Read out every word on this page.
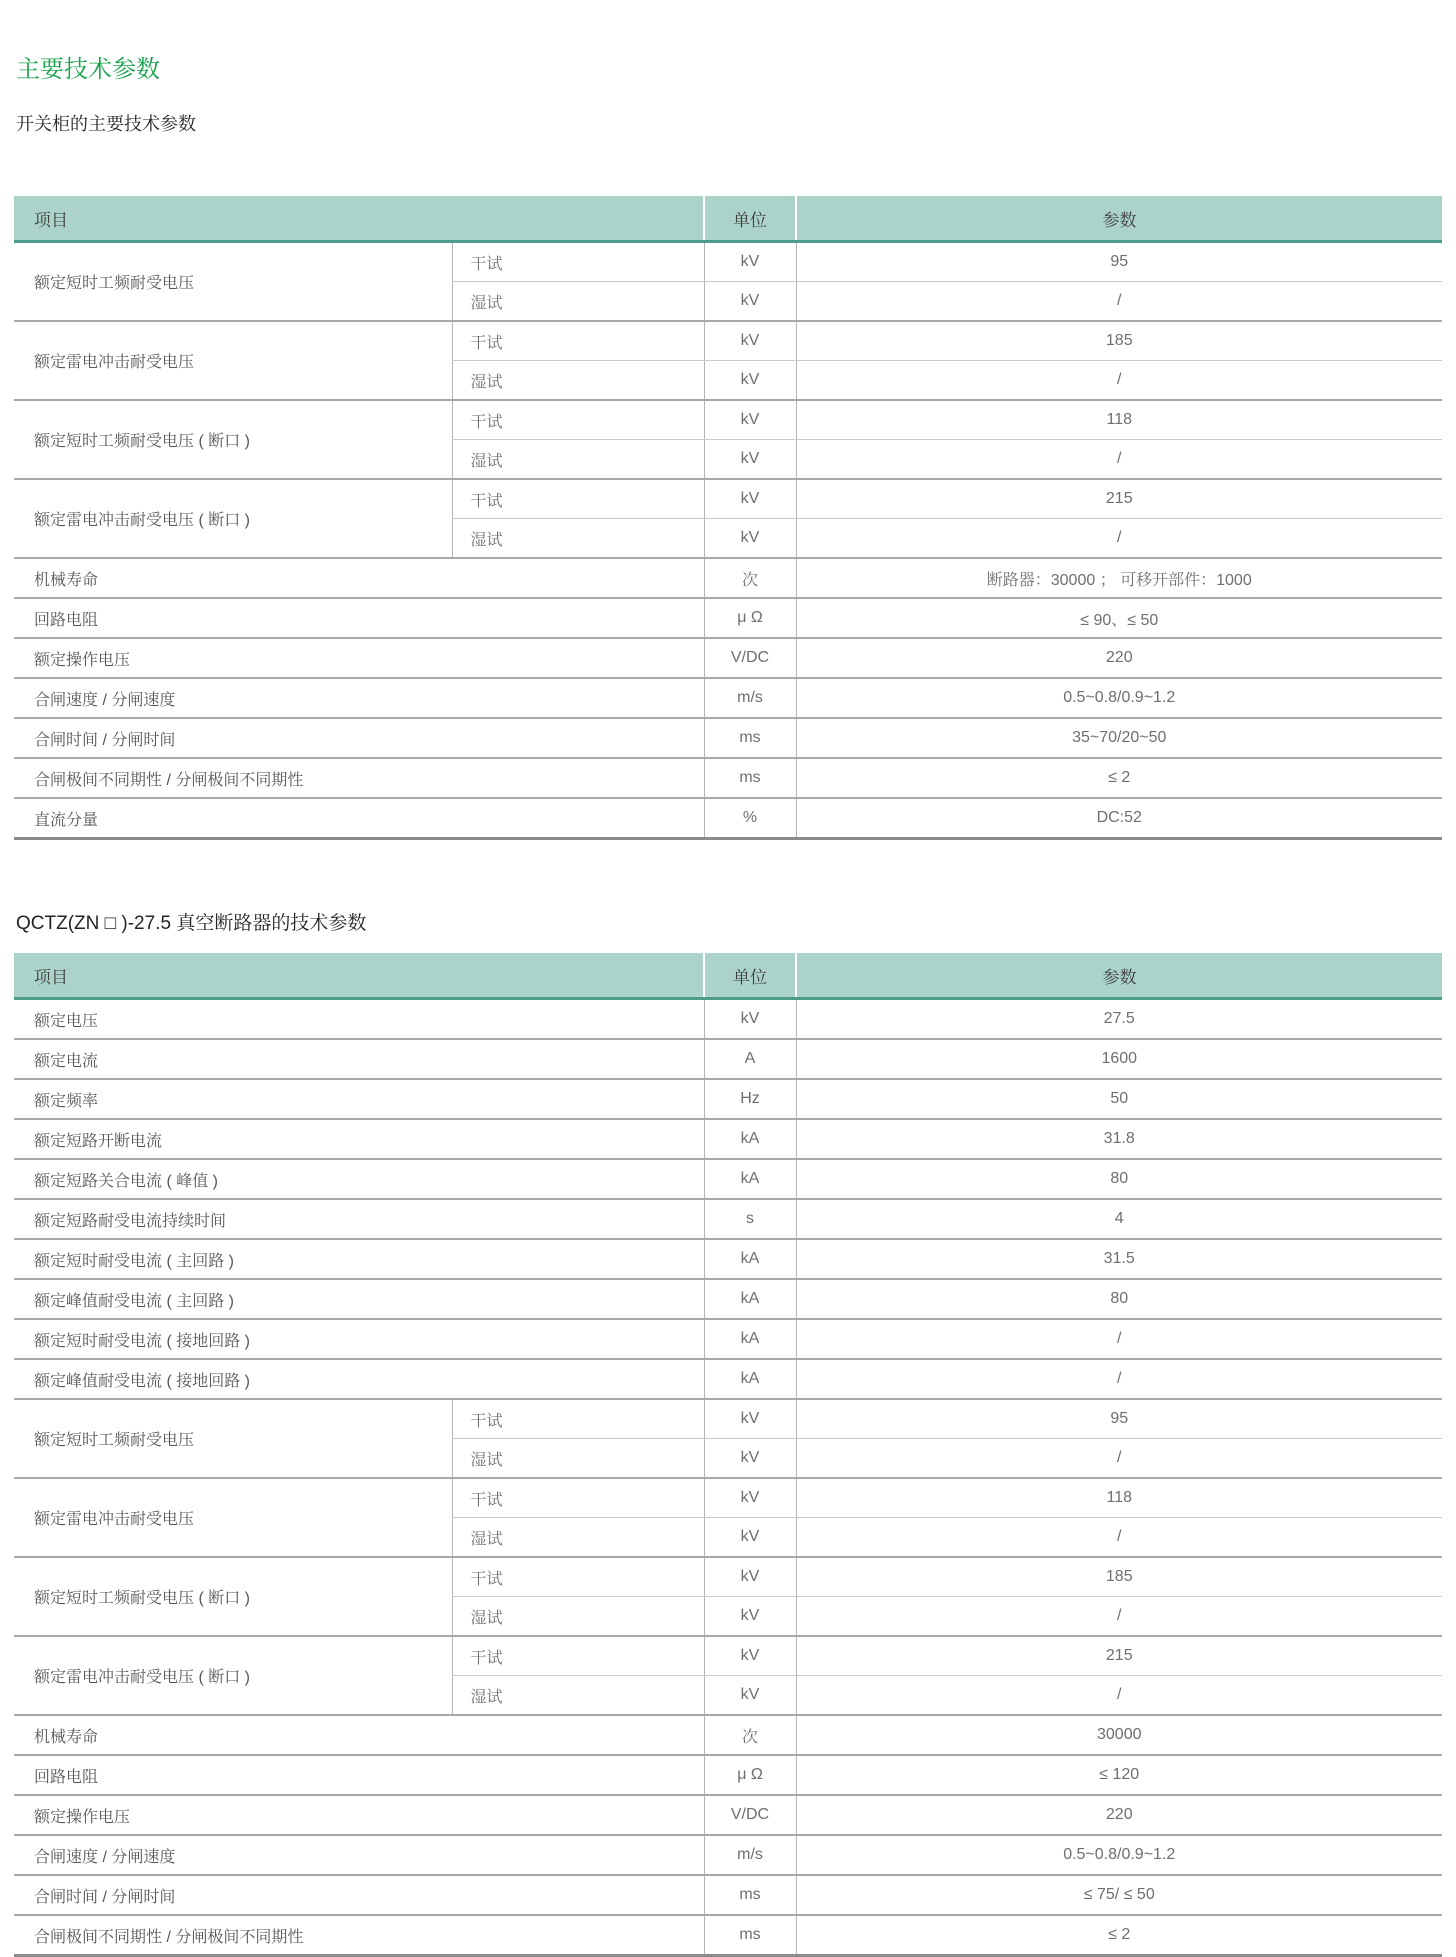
主要技术参数
开关柜的主要技术参数
项目		单位	参数
额定短时工频耐受电压	干试	kV	95
	湿试	kV	/
额定雷电冲击耐受电压	干试	kV	185
	湿试	kV	/
额定短时工频耐受电压 ( 断口 )	干试	kV	118
	湿试	kV	/
额定雷电冲击耐受电压 ( 断口 )	干试	kV	215
	湿试	kV	/
机械寿命		次	断路器：30000 ； 可移开部件：1000
回路电阻		μ Ω	≤ 90、≤ 50
额定操作电压		V/DC	220
合闸速度 / 分闸速度		m/s	0.5~0.8/0.9~1.2
合闸时间 / 分闸时间		ms	35~70/20~50
合闸极间不同期性 / 分闸极间不同期性		ms	≤ 2
直流分量		%	DC:52
QCTZ(ZN □ )-27.5 真空断路器的技术参数
项目		单位	参数
额定电压		kV	27.5
额定电流		A	1600
额定频率		Hz	50
额定短路开断电流		kA	31.8
额定短路关合电流 ( 峰值 )		kA	80
额定短路耐受电流持续时间		s	4
额定短时耐受电流 ( 主回路 )		kA	31.5
额定峰值耐受电流 ( 主回路 )		kA	80
额定短时耐受电流 ( 接地回路 )		kA	/
额定峰值耐受电流 ( 接地回路 )		kA	/
额定短时工频耐受电压	干试	kV	95
	湿试	kV	/
额定雷电冲击耐受电压	干试	kV	118
	湿试	kV	/
额定短时工频耐受电压 ( 断口 )	干试	kV	185
	湿试	kV	/
额定雷电冲击耐受电压 ( 断口 )	干试	kV	215
	湿试	kV	/
机械寿命		次	30000
回路电阻		μ Ω	≤ 120
额定操作电压		V/DC	220
合闸速度 / 分闸速度		m/s	0.5~0.8/0.9~1.2
合闸时间 / 分闸时间		ms	≤ 75/ ≤ 50
合闸极间不同期性 / 分闸极间不同期性		ms	≤ 2
